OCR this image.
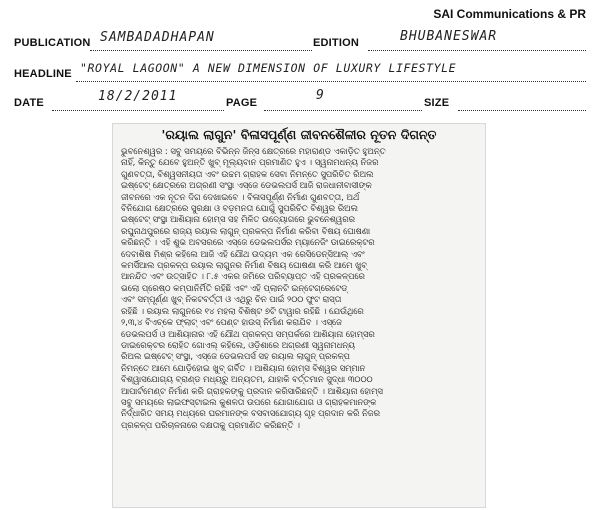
SAI Communications & PR
PUBLICATION SAMBADADHAPAN	EDITION	BHUBANESWAR
HEADLINE "ROYAL LAGOON" A NEW DIMENSION OF LUXURY LIFESTYLE
DATE	18/2/2011	PAGE	9	SIZE
'ରୟାଲ ଲାଗୁନ' ବିଳାସପୂର୍ଣ୍ଣ ଜୀବନଶୈଳୀର ନୂତନ ଦିଗନ୍ତ
ଭୁବନେଶ୍ୱର : ସବୁ ସମୟରେ ବିଭିନ୍ନ ଜିନ୍ସ କ୍ଷେତ୍ରରେ ମହାରାଣ୍ଡ ଏକାଡ଼ିତ ହୁଅନ୍ତ
ନାହିଁ, କିନ୍ତୁ ଯେବେ ହୁଅନ୍ତି ଖୁବ୍ ମୂଲ୍ୟବାନ ପ୍ରମାଣିତ ହୁଏ । ସ୍ୱନାମଧନ୍ୟ ନିଜର
ଗୁଣବତ୍ତା, ବିଶ୍ୱସନୀୟତା ଏବଂ ଉଚ୍ଚମ ଗ୍ରାହକ ସେବା ନିମନ୍ତେ ସୁପରିଚିତ ରିଅଲ
ଇଷ୍ଟେଟ୍ କ୍ଷେତ୍ରରେ ଅଗ୍ରଣୀ ସଂସ୍ଥା ଏସ୍‌ଜେ ଡେଭଲପର୍ସ ଆଜି ରାଜଧାନୀବାସୀଙ୍କ
ଜୀବନରେ ଏକ ନୂତନ ଦିଗ ଦେଖାଇବେ । ବିଳାସପୂର୍ଣ୍ଣ ନିର୍ମାଣ ଗୁଣବତ୍ତା, ଅର୍ଥ
ବିନିଯୋଗ କ୍ଷେତ୍ରରେ ସୁରକ୍ଷା ଓ ବଡ଼ମନତା ଯୋଗୁଁ ସୁପରିଚିତ ବିଶ୍ୱର ରିଅଲ
ଇଷ୍ଟେଟ୍ ସଂସ୍ଥା ଆଶିୟାନା ହୋମ୍ସ ସହ ମିଳିତ ଉଦ୍ୟୋଗରେ ଭୁବନେଶ୍ୱରର
ରଘୁନାଥପୁରରେ ରାଜ୍ୟ ରୟାଲ ଲାଗୁନ୍ ପ୍ରକଳ୍ପ ନିର୍ମାଣ କରିବା ବିଷୟ ଘୋଷଣା
କରିଛନ୍ତି । ଏହି ଶୁଭ ଅବସରରେ ଏସ୍‌ଜେ ଡେଭଲପର୍ସର ମ୍ୟାନେଜିଂ ଡାଇରେକ୍ଟର
ଦେବାଶିଷ ମିଶ୍ର କହିଲେ ଆଜି ଏହି ଯୌଥ ଉଦ୍ୟମ ଏକ ରେସିଡେନ୍ସିଆଲ୍ ଏବଂ
କମର୍ସିଆଲ ପ୍ରକଳ୍ପ ରୟାଲ ଲାଗୁନର ନିର୍ମାଣ ବିଷୟ ଘୋଷଣା କରି ଆମେ ଖୁବ୍
ଆନନ୍ଦିତ ଏବଂ ଉତ୍ସାହିତ । ୮.୫ ଏକର ଜମିରେ ପରିବ୍ୟାପ୍ତ ଏହି ପ୍ରକଳ୍ପରେ
ଭଲୋ ପ୍ରେଷ୍ଠ କମ୍ପାନିର୍ମିତି ରହିଛି ଏବଂ ଏହି ପ୍ଲାନଟି ଇନ୍‌ଟେଗ୍ରେଟେଡ୍
ଏବଂ ସମ୍ପୂର୍ଣ୍ଣ ଖୁବ୍ ନିକଟବର୍ତ୍ତୀ ଓ ଏଥିରୁ ଚିନ ପାଇଁ ୨୦୦ ଫୁଟ ରାସ୍ତା
ରହିଛି । ରୟାଲ ଲାଗୁନରେ ୧୪ ମହଲା ବିଶିଷ୍ଟ ୭ଟି ଟାୱାର ରହିଛି । ଯେଉଁଥିରେ
୨,୩,୪ ବିଏଚ୍‌କେ ଫ୍ଲାଟ୍ ଏବଂ ପେଣ୍ଟ ହାଉସ୍ ନିର୍ମାଣ କରାଯିବ । ଏସ୍‌ଜେ
ଡେଭଲପର୍ସ ଓ ଆଶିୟାନାର ଏହି ଯୌଥ ପ୍ରକଳ୍ପ ସମ୍ପର୍କରେ ଆଶିୟାନା ହୋମ୍ସର
ଡାଇରେକ୍ଟର ରୋହିତ ଗୋଏଲ୍ କହିଲେ, ଓଡ଼ିଶାରେ ଅଗ୍ରଣୀ ସ୍ୱନାମଧନ୍ୟ
ରିଅଲ ଇଷ୍ଟେଟ୍ ସଂସ୍ଥା, ଏସ୍‌ଜେ ଡେଭଲପର୍ସ ସହ ରୟାଲ ଲାଗୁନ୍ ପ୍ରକଳ୍ପ
ନିମନ୍ତେ ଆମେ ଯୋଡ଼ିହୋଇ ଖୁବ୍ ଗର୍ବିତ । ଆଶିୟାନା ହୋମ୍ସ ବିଶ୍ୱର ସମ୍ମାନ
ବିଶ୍ୱାସଯୋଗ୍ୟ ବ୍ରାଣ୍ଡ ମଧ୍ୟରୁ ଅନ୍ୟତମ, ଯାହାକି ବର୍ତ୍ତମାନ ସୁଦ୍ଧା ୩୦୦୦
ଆପାର୍ଟମେଣ୍ଟ ନିର୍ମାଣ କରି ଗ୍ରାହକଙ୍କୁ ପ୍ରଦାନ କରିସାରିଛନ୍ତି । ଆଶିୟାନା ହୋମ୍ସ
ସବୁ ସମୟରେ ଲାଇଫସ୍ଟାଇଲ କୁଶଳତା ଉପରେ ଯୋଗାଯୋଗ ଓ ଗ୍ରାହକମାନଙ୍କ
ନିର୍ଦ୍ଧାରିତ ସମୟ ମଧ୍ୟରେ ଘରମାନଙ୍କ ବସବାସଯୋଗ୍ୟ ଗୃହ ପ୍ରଦାନ କରି ନିଜର
ପ୍ରକଳ୍ପ ପରିଚାଳନାରେ ଦକ୍ଷତାକୁ ପ୍ରମାଣିତ କରିଛନ୍ତି ।
